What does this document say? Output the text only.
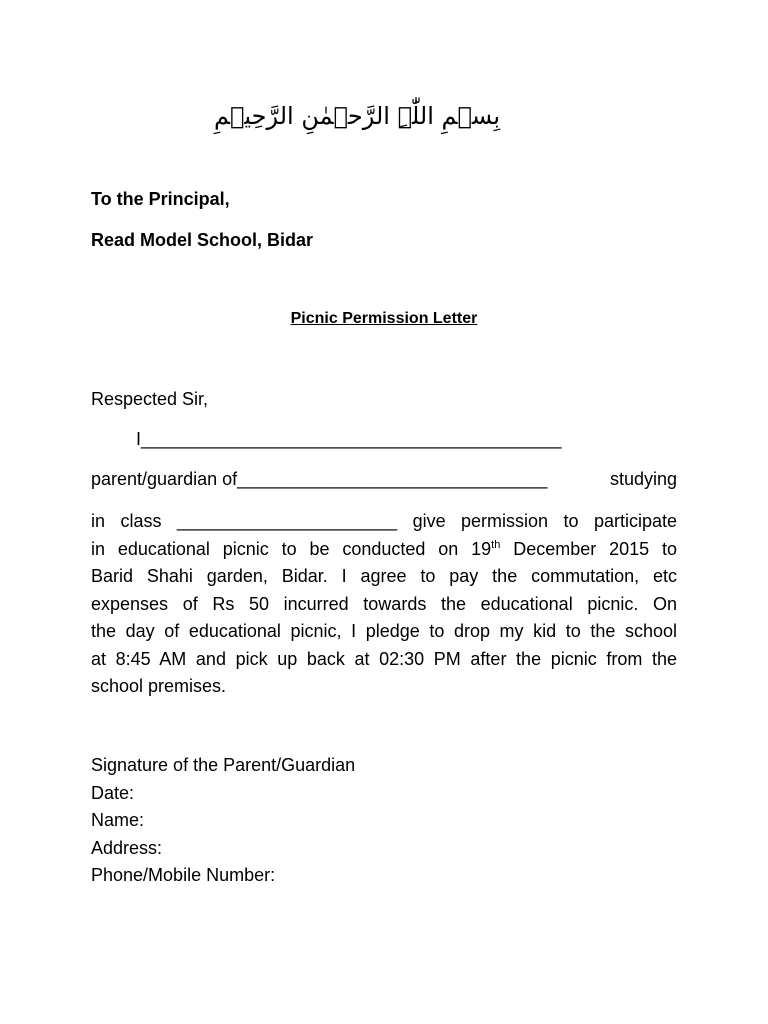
بِسۡمِ اللّٰہِ الرَّحۡمٰنِ الرَّحِیۡمِ
To the Principal,
Read Model School, Bidar
Picnic Permission Letter
Respected Sir,
I__________________________________________
parent/guardian of_______________________________	studying
in class ______________________ give permission to participate
in educational picnic to be conducted on 19th December 2015 to
Barid Shahi garden, Bidar. I agree to pay the commutation, etc
expenses of Rs 50 incurred towards the educational picnic. On
the day of educational picnic, I pledge to drop my kid to the school
at 8:45 AM and pick up back at 02:30 PM after the picnic from the
school premises.
Signature of the Parent/Guardian
Date:
Name:
Address:
Phone/Mobile Number:
